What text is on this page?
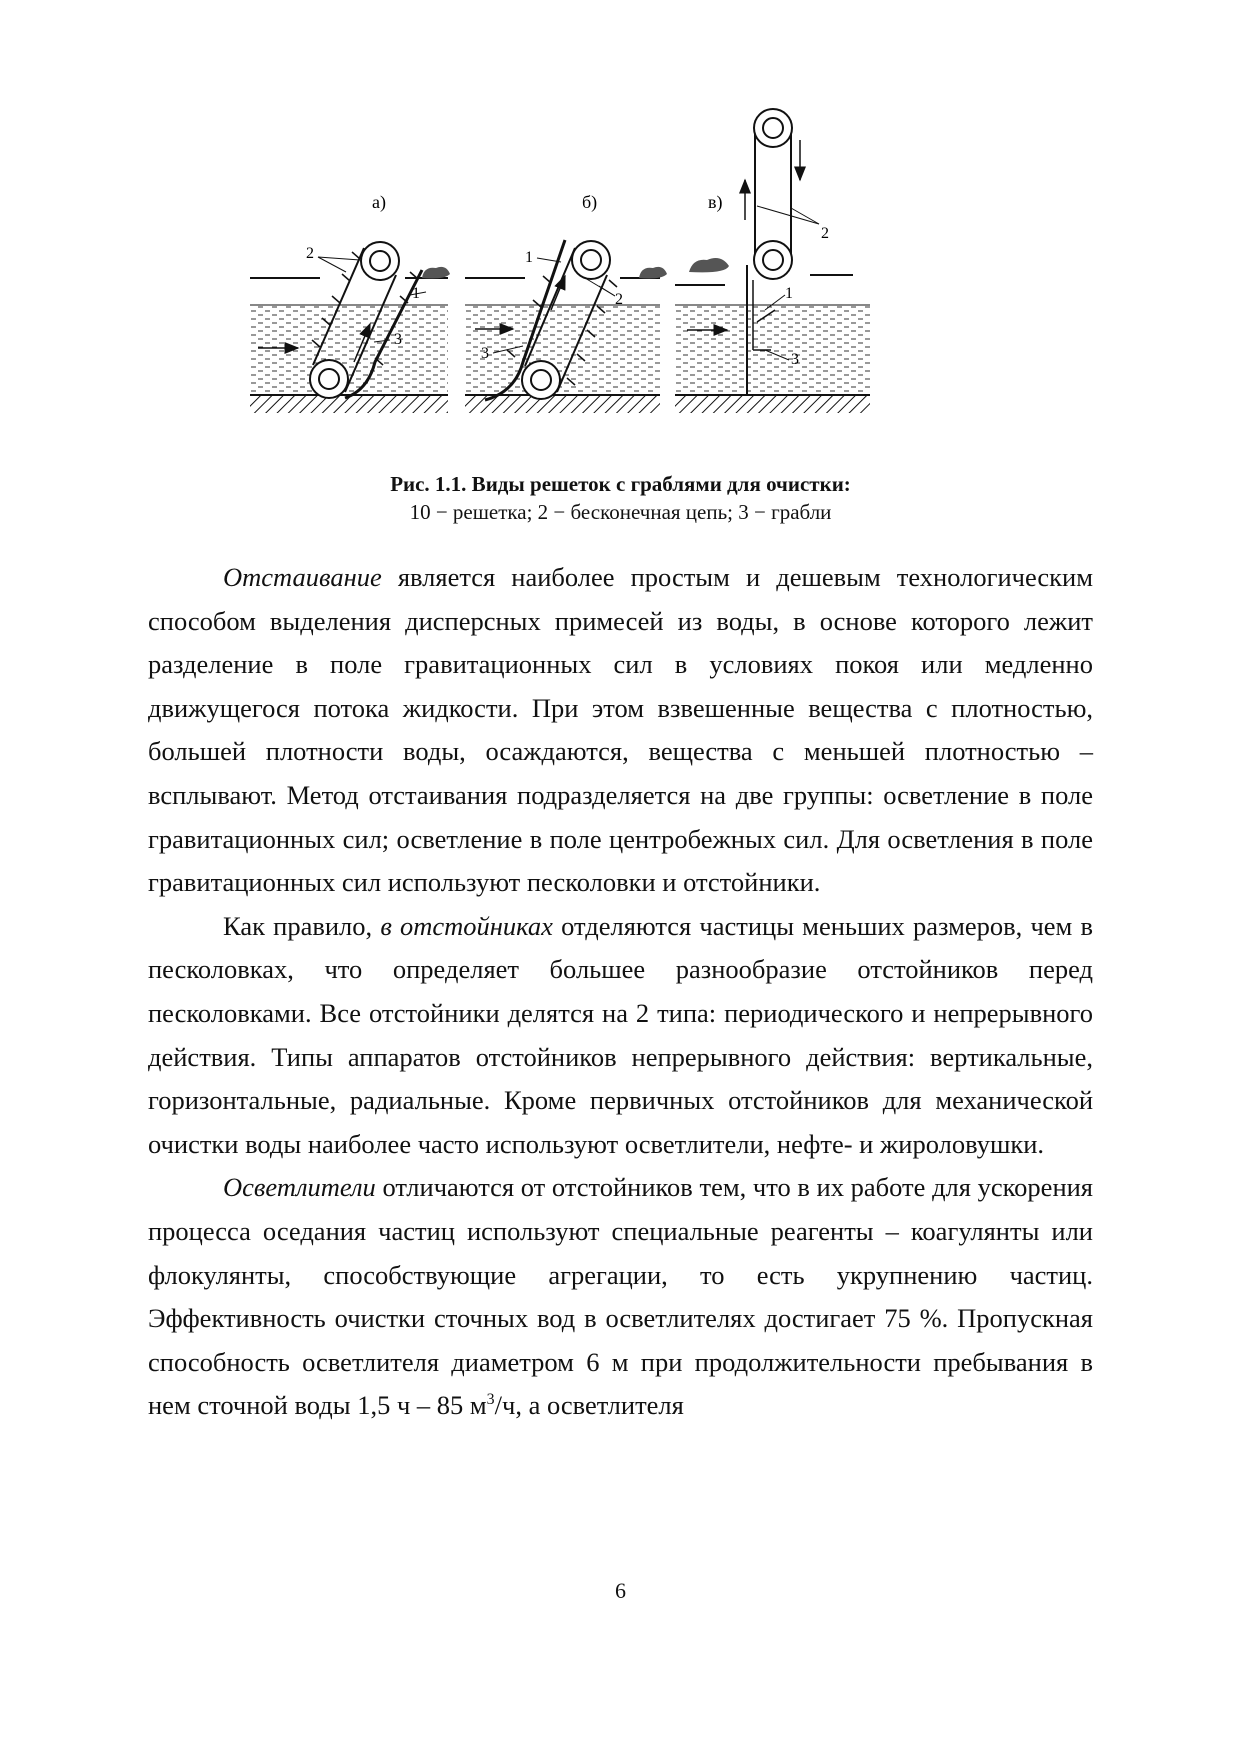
а)	б)	в)
2
1
3
1
2
3
2
1
3
Рис. 1.1. Виды решеток с граблями для очистки:
10 − решетка; 2 − бесконечная цепь; 3 − грабли

Отстаивание является наиболее простым и дешевым технологическим способом выделения дисперсных примесей из воды, в основе которого лежит разделение в поле гравитационных сил в условиях покоя или медленно движущегося потока жидкости. При этом взвешенные вещества с плотностью, большей плотности воды, осаждаются, вещества с меньшей плотностью – всплывают. Метод отстаивания подразделяется на две группы: осветление в поле гравитационных сил; осветление в поле центробежных сил. Для осветления в поле гравитационных сил используют песколовки и отстойники.

Как правило, в отстойниках отделяются частицы меньших размеров, чем в песколовках, что определяет большее разнообразие отстойников перед песколовками. Все отстойники делятся на 2 типа: периодического и непрерывного действия. Типы аппаратов отстойников непрерывного действия: вертикальные, горизонтальные, радиальные. Кроме первичных отстойников для механической очистки воды наиболее часто используют осветлители, нефте- и жироловушки.

Осветлители отличаются от отстойников тем, что в их работе для ускорения процесса оседания частиц используют специальные реагенты – коагулянты или флокулянты, способствующие агрегации, то есть укрупнению частиц. Эффективность очистки сточных вод в осветлителях достигает 75 %. Пропускная способность осветлителя диаметром 6 м при продолжительности пребывания в нем сточной воды 1,5 ч – 85 $м^3/ч$, а осветлителя

6
